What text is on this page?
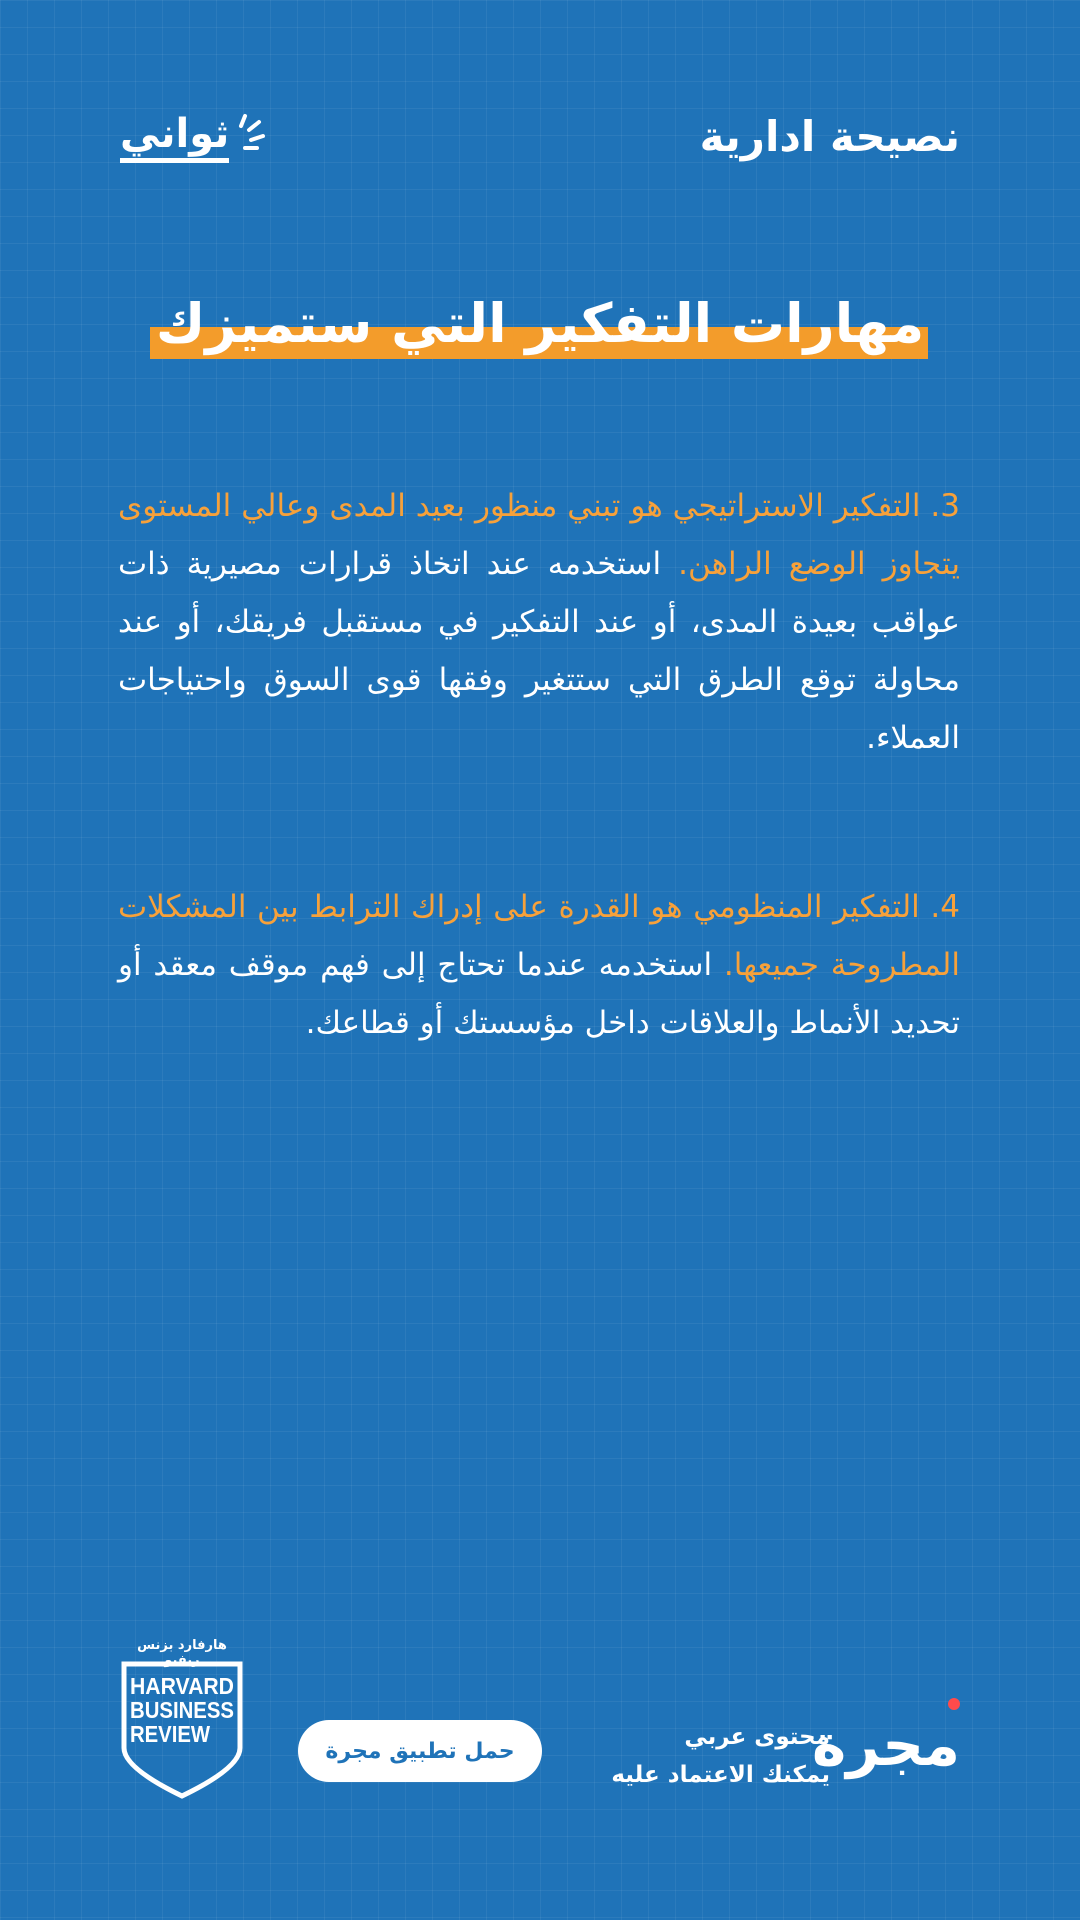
نصيحة ادارية
ثواني
مهارات التفكير التي ستميزك
3. التفكير الاستراتيجي هو تبني منظور بعيد المدى وعالي المستوى يتجاوز الوضع الراهن. استخدمه عند اتخاذ قرارات مصيرية ذات عواقب بعيدة المدى، أو عند التفكير في مستقبل فريقك، أو عند محاولة توقع الطرق التي ستتغير وفقها قوى السوق واحتياجات العملاء.
4. التفكير المنظومي هو القدرة على إدراك الترابط بين المشكلات المطروحة جميعها. استخدمه عندما تحتاج إلى فهم موقف معقد أو تحديد الأنماط والعلاقات داخل مؤسستك أو قطاعك.
هارفارد بزنس ريفيو
HARVARD
BUSINESS
REVIEW
حمل تطبيق مجرة
محتوى عربي
يمكنك الاعتماد عليه
مجرة
